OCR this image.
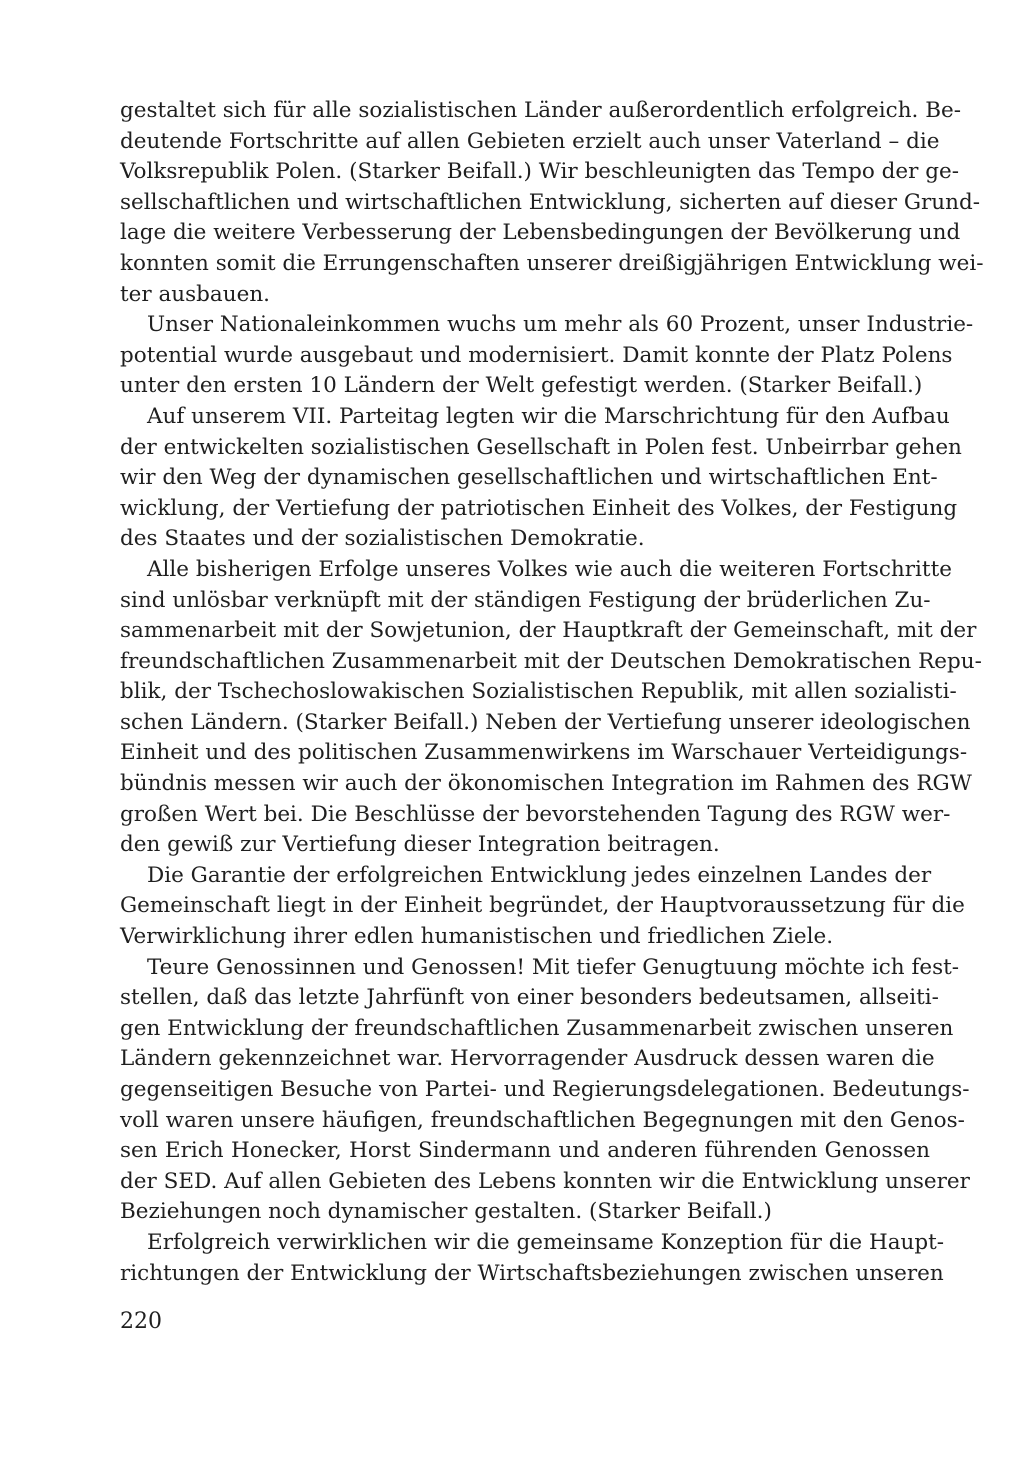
gestaltet sich für alle sozialistischen Länder außerordentlich erfolgreich. Be-
deutende Fortschritte auf allen Gebieten erzielt auch unser Vaterland – die
Volksrepublik Polen. (Starker Beifall.) Wir beschleunigten das Tempo der ge-
sellschaftlichen und wirtschaftlichen Entwicklung, sicherten auf dieser Grund-
lage die weitere Verbesserung der Lebensbedingungen der Bevölkerung und
konnten somit die Errungenschaften unserer dreißigjährigen Entwicklung wei-
ter ausbauen.
Unser Nationaleinkommen wuchs um mehr als 60 Prozent, unser Industrie-
potential wurde ausgebaut und modernisiert. Damit konnte der Platz Polens
unter den ersten 10 Ländern der Welt gefestigt werden. (Starker Beifall.)
Auf unserem VII. Parteitag legten wir die Marschrichtung für den Aufbau
der entwickelten sozialistischen Gesellschaft in Polen fest. Unbeirrbar gehen
wir den Weg der dynamischen gesellschaftlichen und wirtschaftlichen Ent-
wicklung, der Vertiefung der patriotischen Einheit des Volkes, der Festigung
des Staates und der sozialistischen Demokratie.
Alle bisherigen Erfolge unseres Volkes wie auch die weiteren Fortschritte
sind unlösbar verknüpft mit der ständigen Festigung der brüderlichen Zu-
sammenarbeit mit der Sowjetunion, der Hauptkraft der Gemeinschaft, mit der
freundschaftlichen Zusammenarbeit mit der Deutschen Demokratischen Repu-
blik, der Tschechoslowakischen Sozialistischen Republik, mit allen sozialisti-
schen Ländern. (Starker Beifall.) Neben der Vertiefung unserer ideologischen
Einheit und des politischen Zusammenwirkens im Warschauer Verteidigungs-
bündnis messen wir auch der ökonomischen Integration im Rahmen des RGW
großen Wert bei. Die Beschlüsse der bevorstehenden Tagung des RGW wer-
den gewiß zur Vertiefung dieser Integration beitragen.
Die Garantie der erfolgreichen Entwicklung jedes einzelnen Landes der
Gemeinschaft liegt in der Einheit begründet, der Hauptvoraussetzung für die
Verwirklichung ihrer edlen humanistischen und friedlichen Ziele.
Teure Genossinnen und Genossen! Mit tiefer Genugtuung möchte ich fest-
stellen, daß das letzte Jahrfünft von einer besonders bedeutsamen, allseiti-
gen Entwicklung der freundschaftlichen Zusammenarbeit zwischen unseren
Ländern gekennzeichnet war. Hervorragender Ausdruck dessen waren die
gegenseitigen Besuche von Partei- und Regierungsdelegationen. Bedeutungs-
voll waren unsere häufigen, freundschaftlichen Begegnungen mit den Genos-
sen Erich Honecker, Horst Sindermann und anderen führenden Genossen
der SED. Auf allen Gebieten des Lebens konnten wir die Entwicklung unserer
Beziehungen noch dynamischer gestalten. (Starker Beifall.)
Erfolgreich verwirklichen wir die gemeinsame Konzeption für die Haupt-
richtungen der Entwicklung der Wirtschaftsbeziehungen zwischen unseren
220
